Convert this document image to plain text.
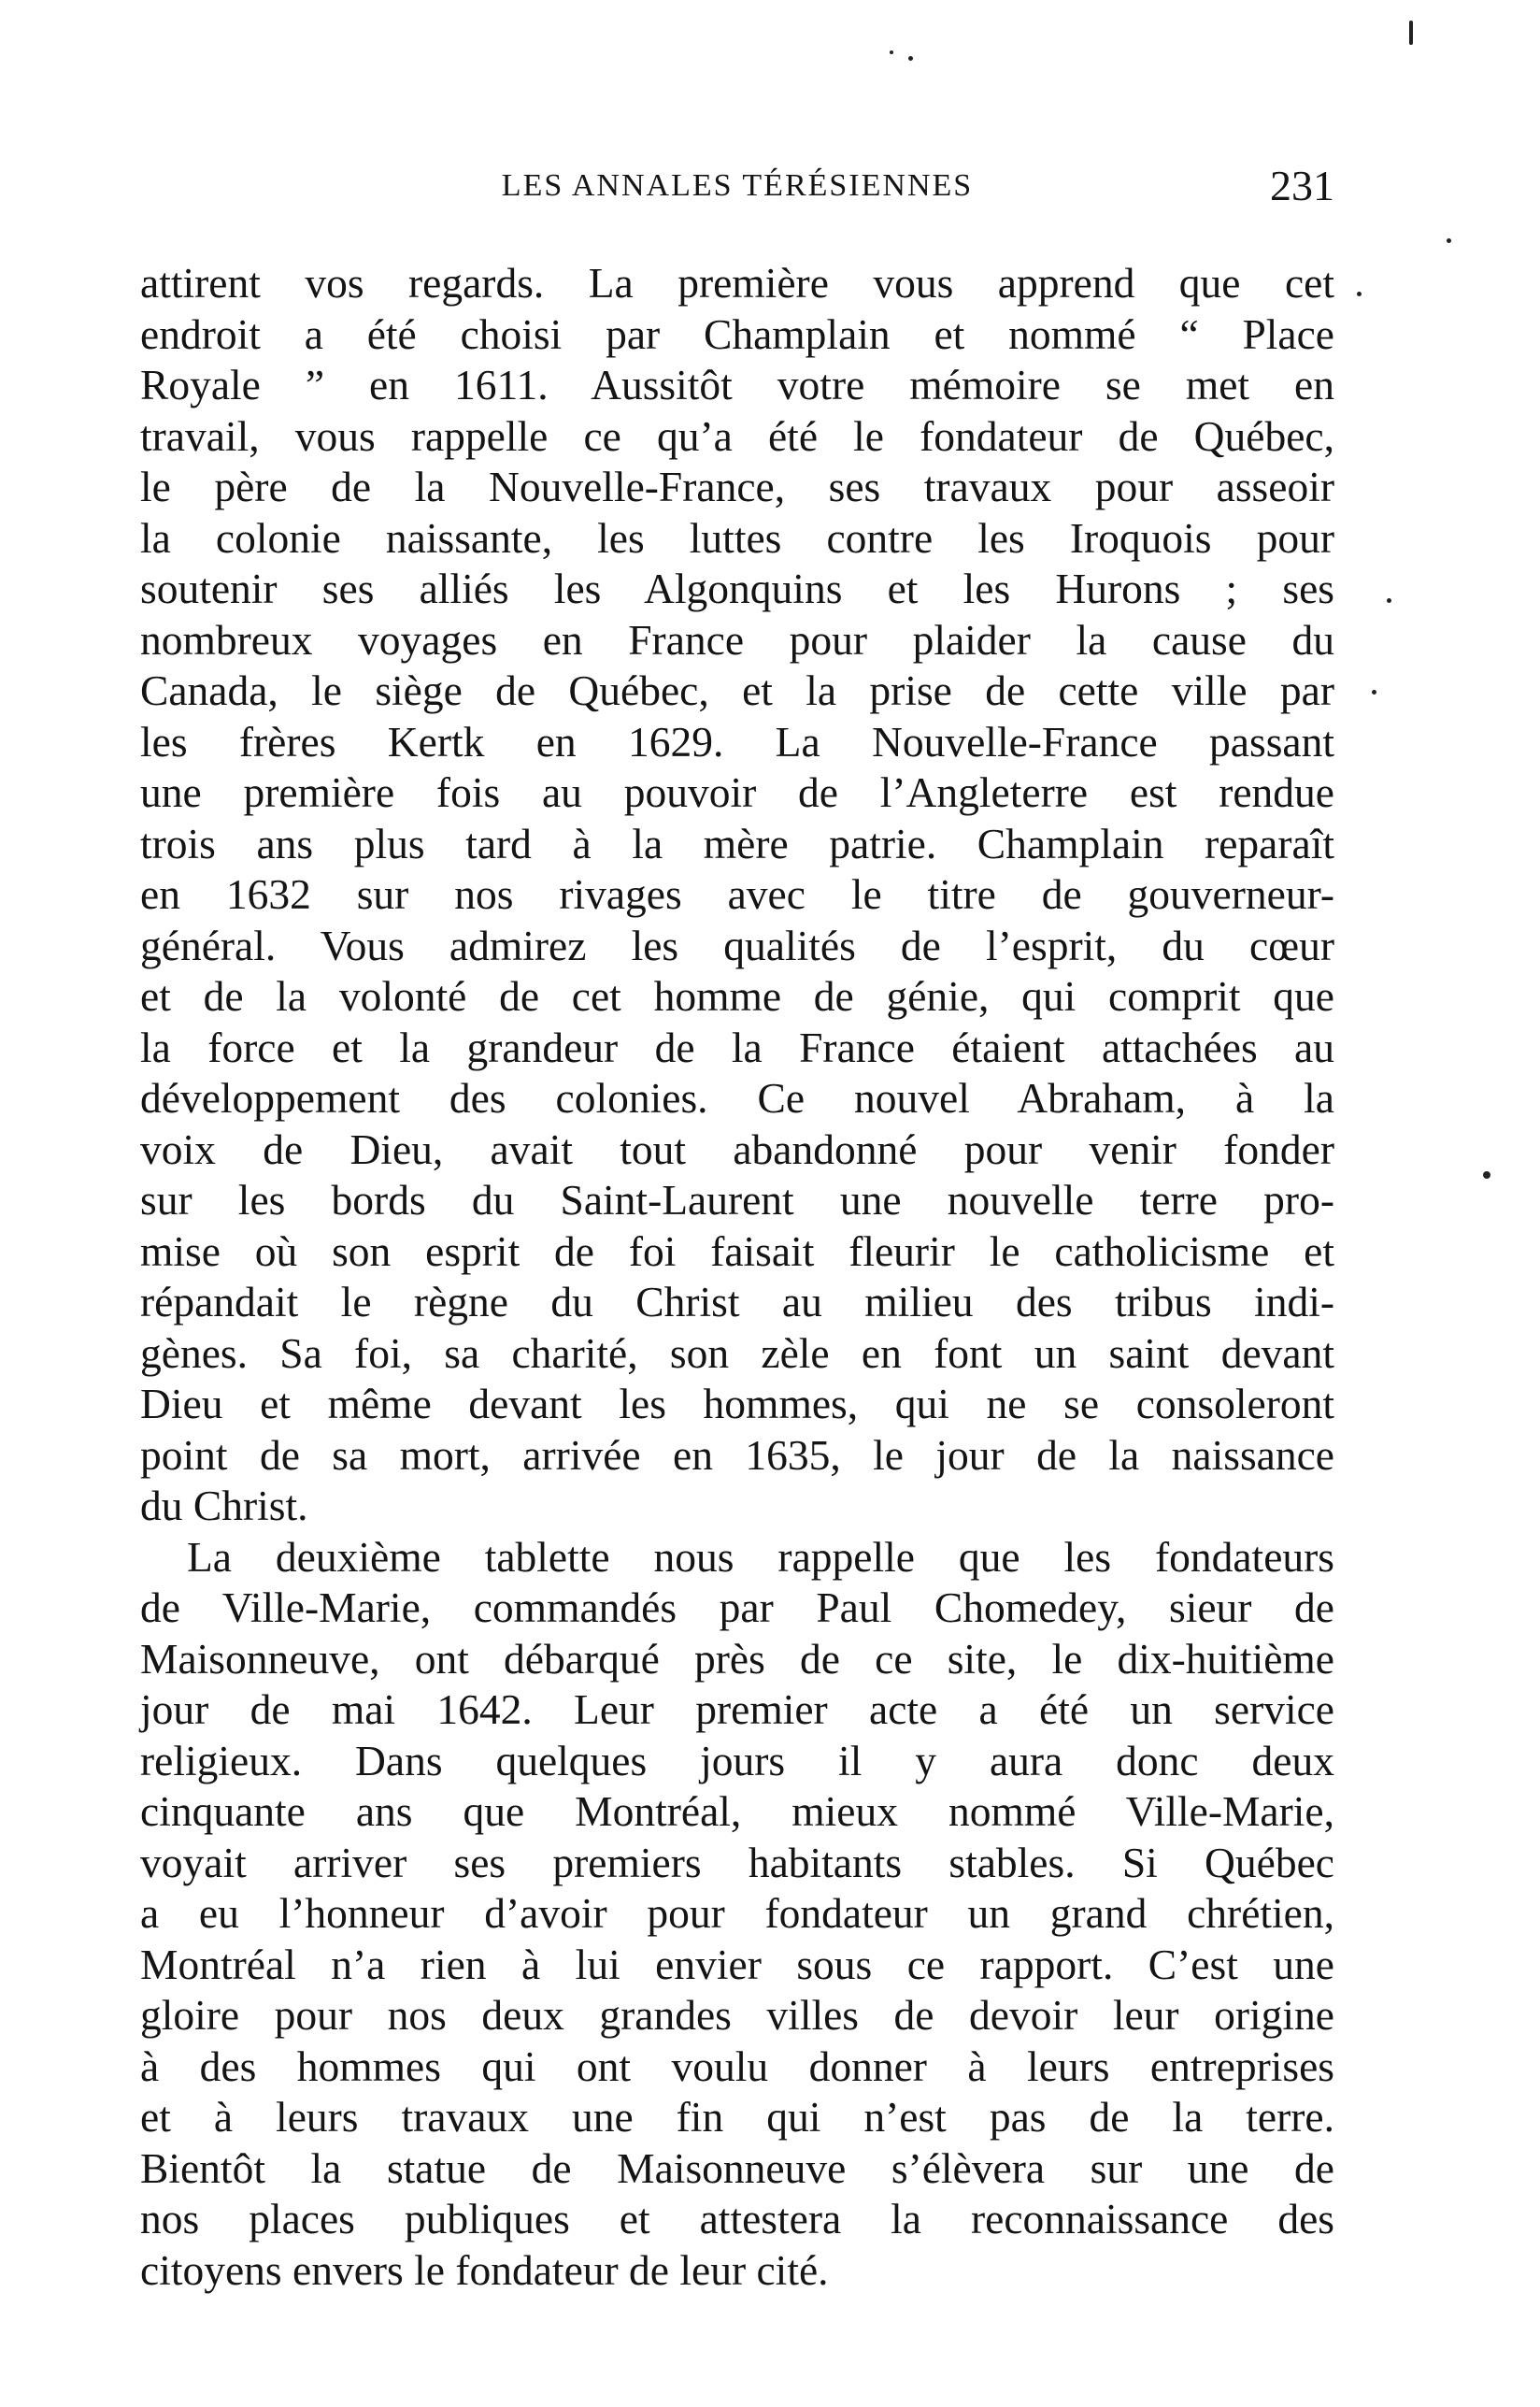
LES ANNALES TÉRÉSIENNES	231
attirent vos regards. La première vous apprend que cet
endroit a été choisi par Champlain et nommé “ Place
Royale ” en 1611. Aussitôt votre mémoire se met en
travail, vous rappelle ce qu’a été le fondateur de Québec,
le père de la Nouvelle-France, ses travaux pour asseoir
la colonie naissante, les luttes contre les Iroquois pour
soutenir ses alliés les Algonquins et les Hurons ; ses
nombreux voyages en France pour plaider la cause du
Canada, le siège de Québec, et la prise de cette ville par
les frères Kertk en 1629. La Nouvelle-France passant
une première fois au pouvoir de l’Angleterre est rendue
trois ans plus tard à la mère patrie. Champlain reparaît
en 1632 sur nos rivages avec le titre de gouverneur-
général. Vous admirez les qualités de l’esprit, du cœur
et de la volonté de cet homme de génie, qui comprit que
la force et la grandeur de la France étaient attachées au
développement des colonies. Ce nouvel Abraham, à la
voix de Dieu, avait tout abandonné pour venir fonder
sur les bords du Saint-Laurent une nouvelle terre pro-
mise où son esprit de foi faisait fleurir le catholicisme et
répandait le règne du Christ au milieu des tribus indi-
gènes. Sa foi, sa charité, son zèle en font un saint devant
Dieu et même devant les hommes, qui ne se consoleront
point de sa mort, arrivée en 1635, le jour de la naissance
du Christ.
La deuxième tablette nous rappelle que les fondateurs
de Ville-Marie, commandés par Paul Chomedey, sieur de
Maisonneuve, ont débarqué près de ce site, le dix-huitième
jour de mai 1642. Leur premier acte a été un service
religieux. Dans quelques jours il y aura donc deux
cinquante ans que Montréal, mieux nommé Ville-Marie,
voyait arriver ses premiers habitants stables. Si Québec
a eu l’honneur d’avoir pour fondateur un grand chrétien,
Montréal n’a rien à lui envier sous ce rapport. C’est une
gloire pour nos deux grandes villes de devoir leur origine
à des hommes qui ont voulu donner à leurs entreprises
et à leurs travaux une fin qui n’est pas de la terre.
Bientôt la statue de Maisonneuve s’élèvera sur une de
nos places publiques et attestera la reconnaissance des
citoyens envers le fondateur de leur cité.
